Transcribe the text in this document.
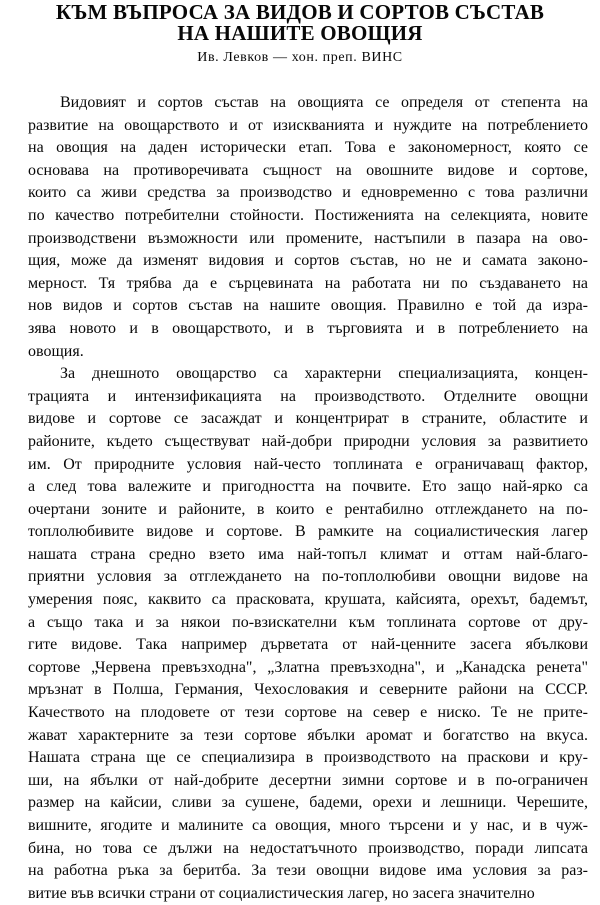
КЪМ ВЪПРОСА ЗА ВИДОВ И СОРТОВ СЪСТАВ
НА НАШИТЕ ОВОЩИЯ

Ив. Левков — хон. преп. ВИНС

Видовият и сортов състав на овощията се определя от степента на
развитие на овощарството и от изискванията и нуждите на потреблението
на овощия на даден исторически етап. Това е закономерност, която се
основава на противоречивата същност на овошните видове и сортове,
които са живи средства за производство и едновременно с това различни
по качество потребителни стойности. Постиженията на селекцията, новите
производствени възможности или промените, настъпили в пазара на ово-
щия, може да изменят видовия и сортов състав, но не и самата законо-
мерност. Тя трябва да е сърцевината на работата ни по създаването на
нов видов и сортов състав на нашите овощия. Правилно е той да изра-
зява новото и в овощарството, и в търговията и в потреблението на
овощия.
За днешното овощарство са характерни специализацията, концен-
трацията и интензификацията на производството. Отделните овощни
видове и сортове се засаждат и концентрират в страните, областите и
районите, където съществуват най-добри природни условия за развитието
им. От природните условия най-често топлината е ограничаващ фактор,
а след това валежите и пригодността на почвите. Ето защо най-ярко са
очертани зоните и районите, в които е рентабилно отглеждането на по-
топлолюбивите видове и сортове. В рамките на социалистическия лагер
нашата страна средно взето има най-топъл климат и оттам най-благо-
приятни условия за отглеждането на по-топлолюбиви овощни видове на
умерения пояс, каквито са прасковата, крушата, кайсията, орехът, бадемът,
а също така и за някои по-взискателни към топлината сортове от дру-
гите видове. Така например дърветата от най-ценните засега ябълкови
сортове „Червена превъзходна", „Златна превъзходна", и „Канадска ренета"
мръзнат в Полша, Германия, Чехословакия и северните райони на СССР.
Качеството на плодовете от тези сортове на север е ниско. Те не прите-
жават характерните за тези сортове ябълки аромат и богатство на вкуса.
Нашата страна ще се специализира в производството на праскови и кру-
ши, на ябълки от най-добрите десертни зимни сортове и в по-ограничен
размер на кайсии, сливи за сушене, бадеми, орехи и лешници. Черешите,
вишните, ягодите и малините са овощия, много търсени и у нас, и в чуж-
бина, но това се дължи на недостатъчното производство, поради липсата
на работна ръка за беритба. За тези овощни видове има условия за раз-
витие във всички страни от социалистическия лагер, но засега значително
